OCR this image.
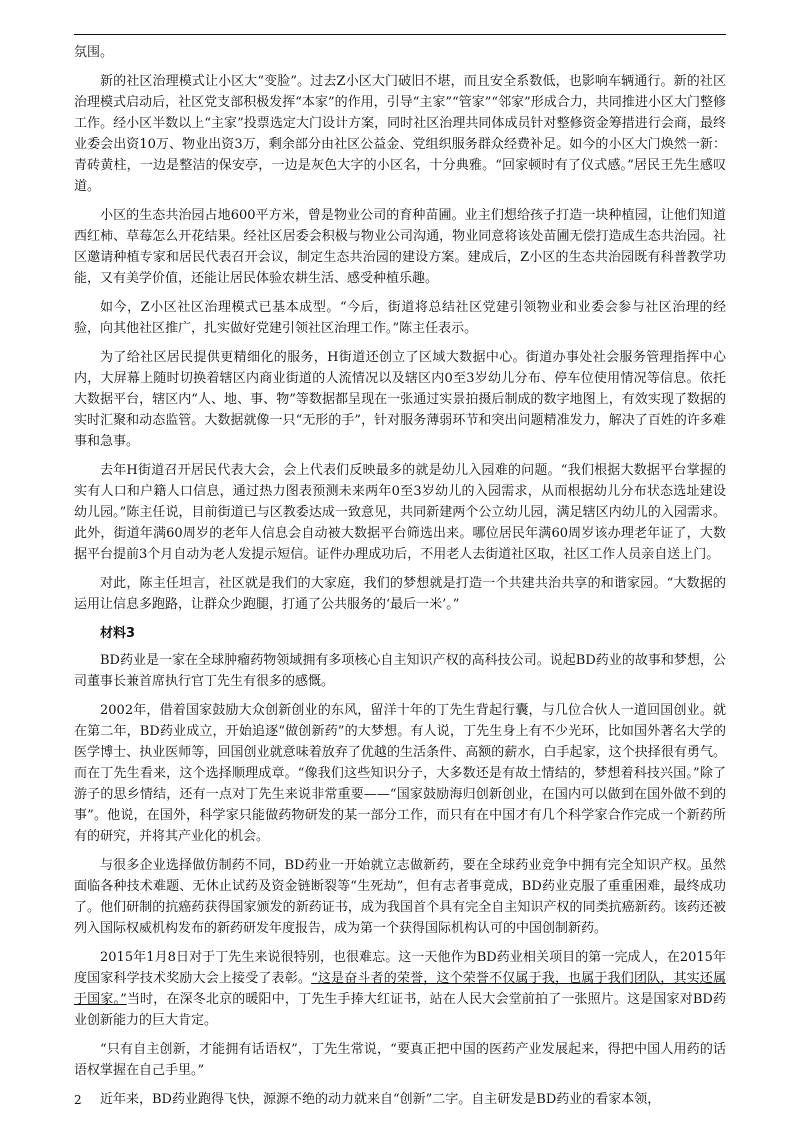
氛围。

新的社区治理模式让小区大“变脸”。过去Z小区大门破旧不堪，而且安全系数低，也影响车辆通行。新的社区治理模式启动后，社区党支部积极发挥“本家”的作用，引导“主家”“管家”“邻家”形成合力，共同推进小区大门整修工作。经小区半数以上“主家”投票选定大门设计方案，同时社区治理共同体成员针对整修资金筹措进行会商，最终业委会出资10万、物业出资3万，剩余部分由社区公益金、党组织服务群众经费补足。如今的小区大门焕然一新：青砖黄柱，一边是整洁的保安亭，一边是灰色大字的小区名，十分典雅。“回家顿时有了仪式感。”居民王先生感叹道。

小区的生态共治园占地600平方米，曾是物业公司的育种苗圃。业主们想给孩子打造一块种植园，让他们知道西红柿、草莓怎么开花结果。经社区居委会积极与物业公司沟通，物业同意将该处苗圃无偿打造成生态共治园。社区邀请种植专家和居民代表召开会议，制定生态共治园的建设方案。建成后，Z小区的生态共治园既有科普教学功能，又有美学价值，还能让居民体验农耕生活、感受种植乐趣。

如今，Z小区社区治理模式已基本成型。“今后，街道将总结社区党建引领物业和业委会参与社区治理的经验，向其他社区推广，扎实做好党建引领社区治理工作。”陈主任表示。

为了给社区居民提供更精细化的服务，H街道还创立了区域大数据中心。街道办事处社会服务管理指挥中心内，大屏幕上随时切换着辖区内商业街道的人流情况以及辖区内0至3岁幼儿分布、停车位使用情况等信息。依托大数据平台，辖区内“人、地、事、物”等数据都呈现在一张通过实景拍摄后制成的数字地图上，有效实现了数据的实时汇聚和动态监管。大数据就像一只“无形的手”，针对服务薄弱环节和突出问题精准发力，解决了百姓的许多难事和急事。

去年H街道召开居民代表大会，会上代表们反映最多的就是幼儿入园难的问题。“我们根据大数据平台掌握的实有人口和户籍人口信息，通过热力图表预测未来两年0至3岁幼儿的入园需求，从而根据幼儿分布状态选址建设幼儿园。”陈主任说，目前街道已与区教委达成一致意见，共同新建两个公立幼儿园，满足辖区内幼儿的入园需求。此外，街道年满60周岁的老年人信息会自动被大数据平台筛选出来。哪位居民年满60周岁该办理老年证了，大数据平台提前3个月自动为老人发提示短信。证件办理成功后，不用老人去街道社区取，社区工作人员亲自送上门。

对此，陈主任坦言，社区就是我们的大家庭，我们的梦想就是打造一个共建共治共享的和谐家园。“大数据的运用让信息多跑路，让群众少跑腿，打通了公共服务的‘最后一米’。”

材料3

BD药业是一家在全球肿瘤药物领域拥有多项核心自主知识产权的高科技公司。说起BD药业的故事和梦想，公司董事长兼首席执行官丁先生有很多的感慨。

2002年，借着国家鼓励大众创新创业的东风，留洋十年的丁先生背起行囊，与几位合伙人一道回国创业。就在第二年，BD药业成立，开始追逐“做创新药”的大梦想。有人说，丁先生身上有不少光环，比如国外著名大学的医学博士、执业医师等，回国创业就意味着放弃了优越的生活条件、高额的薪水，白手起家，这个抉择很有勇气。而在丁先生看来，这个选择顺理成章。“像我们这些知识分子，大多数还是有故土情结的，梦想着科技兴国。”除了游子的思乡情结，还有一点对丁先生来说非常重要——“国家鼓励海归创新创业，在国内可以做到在国外做不到的事”。他说，在国外，科学家只能做药物研发的某一部分工作，而只有在中国才有几个科学家合作完成一个新药所有的研究，并将其产业化的机会。

与很多企业选择做仿制药不同，BD药业一开始就立志做新药，要在全球药业竞争中拥有完全知识产权。虽然面临各种技术难题、无休止试药及资金链断裂等“生死劫”，但有志者事竟成，BD药业克服了重重困难，最终成功了。他们研制的抗癌药获得国家颁发的新药证书，成为我国首个具有完全自主知识产权的同类抗癌新药。该药还被列入国际权威机构发布的新药研发年度报告，成为第一个获得国际机构认可的中国创制新药。

2015年1月8日对于丁先生来说很特别，也很难忘。这一天他作为BD药业相关项目的第一完成人，在2015年度国家科学技术奖励大会上接受了表彰。“这是奋斗者的荣誉，这个荣誉不仅属于我，也属于我们团队，其实还属于国家。”当时，在深冬北京的暖阳中，丁先生手捧大红证书，站在人民大会堂前拍了一张照片。这是国家对BD药业创新能力的巨大肯定。

“只有自主创新，才能拥有话语权”，丁先生常说，“要真正把中国的医药产业发展起来，得把中国人用药的话语权掌握在自己手里。”

近年来，BD药业跑得飞快，源源不绝的动力就来自“创新”二字。自主研发是BD药业的看家本领，

2
